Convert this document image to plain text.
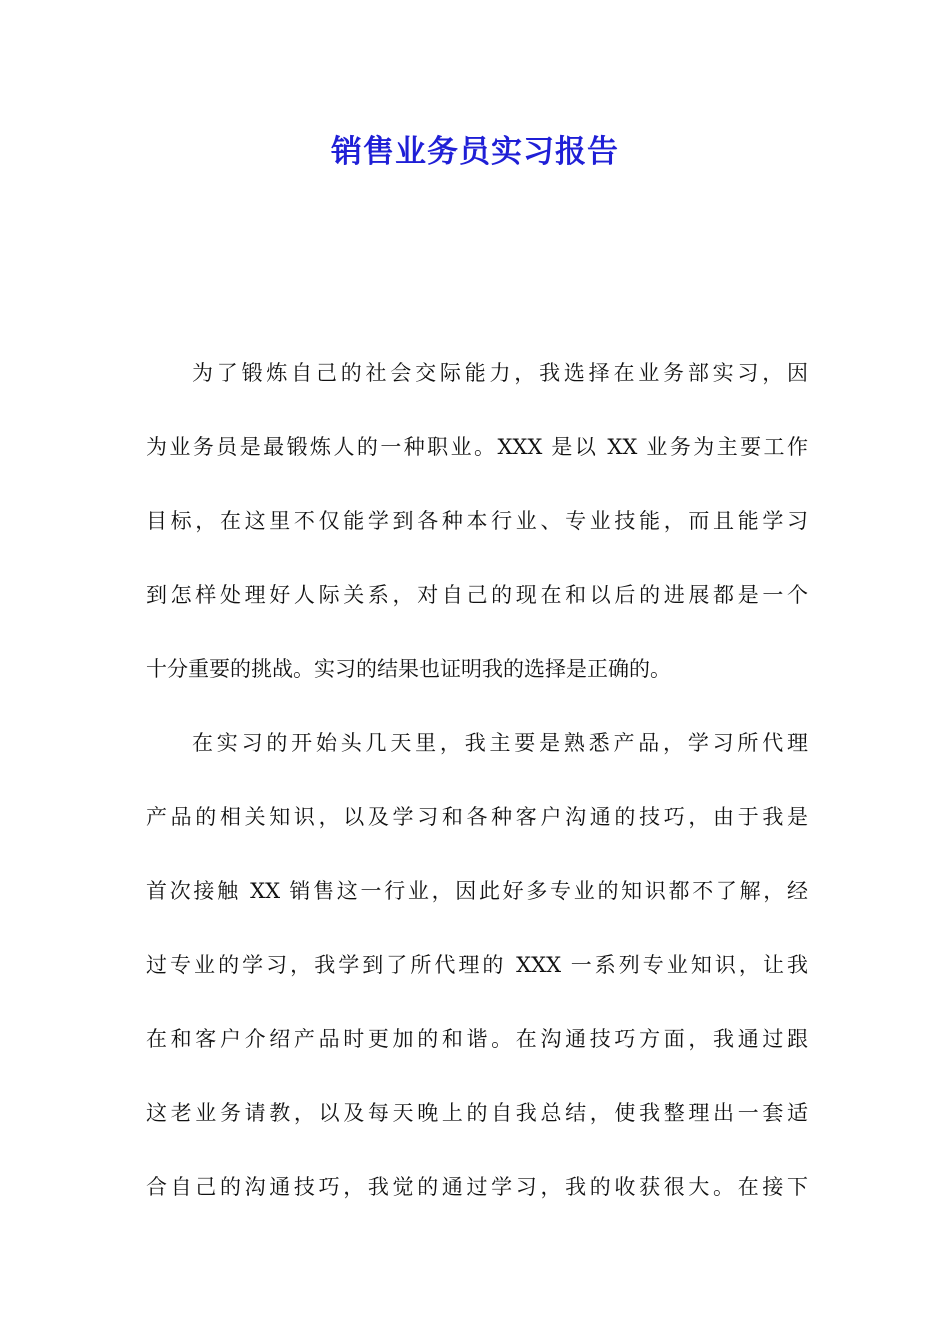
销售业务员实习报告
为了锻炼自己的社会交际能力，我选择在业务部实习，因
为业务员是最锻炼人的一种职业。XXX 是以 XX 业务为主要工作
目标，在这里不仅能学到各种本行业、专业技能，而且能学习
到怎样处理好人际关系，对自己的现在和以后的进展都是一个
十分重要的挑战。实习的结果也证明我的选择是正确的。
在实习的开始头几天里，我主要是熟悉产品，学习所代理
产品的相关知识，以及学习和各种客户沟通的技巧，由于我是
首次接触 XX 销售这一行业，因此好多专业的知识都不了解，经
过专业的学习，我学到了所代理的 XXX 一系列专业知识，让我
在和客户介绍产品时更加的和谐。在沟通技巧方面，我通过跟
这老业务请教，以及每天晚上的自我总结，使我整理出一套适
合自己的沟通技巧，我觉的通过学习，我的收获很大。在接下
